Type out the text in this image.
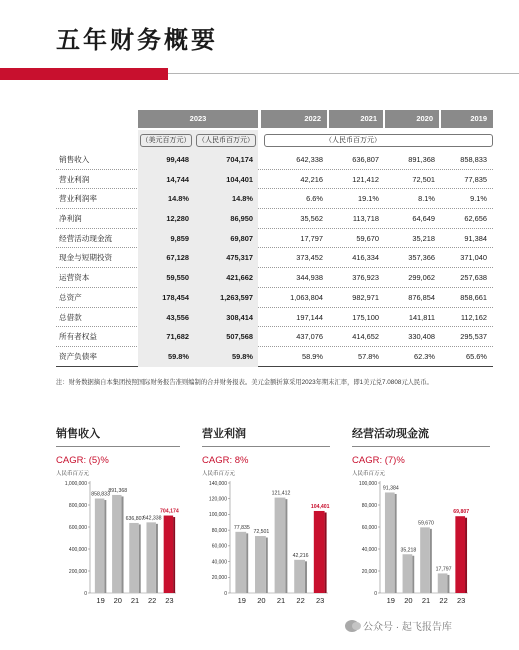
五年财务概要
2023	2022	2021	2020	2019
（美元百万元） （人民币百万元）	（人民币百万元）
销售收入	99,448	704,174	642,338	636,807	891,368	858,833
营业利润	14,744	104,401	42,216	121,412	72,501	77,835
营业利润率	14.8%	14.8%	6.6%	19.1%	8.1%	9.1%
净利润	12,280	86,950	35,562	113,718	64,649	62,656
经营活动现金流	9,859	69,807	17,797	59,670	35,218	91,384
现金与短期投资	67,128	475,317	373,452	416,334	357,366	371,040
运营资本	59,550	421,662	344,938	376,923	299,062	257,638
总资产	178,454	1,263,597	1,063,804	982,971	876,854	858,661
总借款	43,556	308,414	197,144	175,100	141,811	112,162
所有者权益	71,682	507,568	437,076	414,652	330,408	295,537
资产负债率	59.8%	59.8%	58.9%	57.8%	62.3%	65.6%
注：财务数据摘自本集团按照国际财务报告准则编制的合并财务报表。美元金额折算采用2023年期末汇率，即1美元兑7.0808元人民币。
销售收入
CAGR: (5)%
人民币百万元
0
200,000
400,000
600,000
800,000
1,000,000
858,833
19
891,368
20
636,807
21
642,338
22
704,174
23
营业利润
CAGR: 8%
人民币百万元
0
20,000
40,000
60,000
80,000
100,000
120,000
140,000
77,835
19
72,501
20
121,412
21
42,216
22
104,401
23
经营活动现金流
CAGR: (7)%
人民币百万元
0
20,000
40,000
60,000
80,000
100,000
91,384
19
35,218
20
59,670
21
17,797
22
69,807
23
公众号 · 起飞报告库
